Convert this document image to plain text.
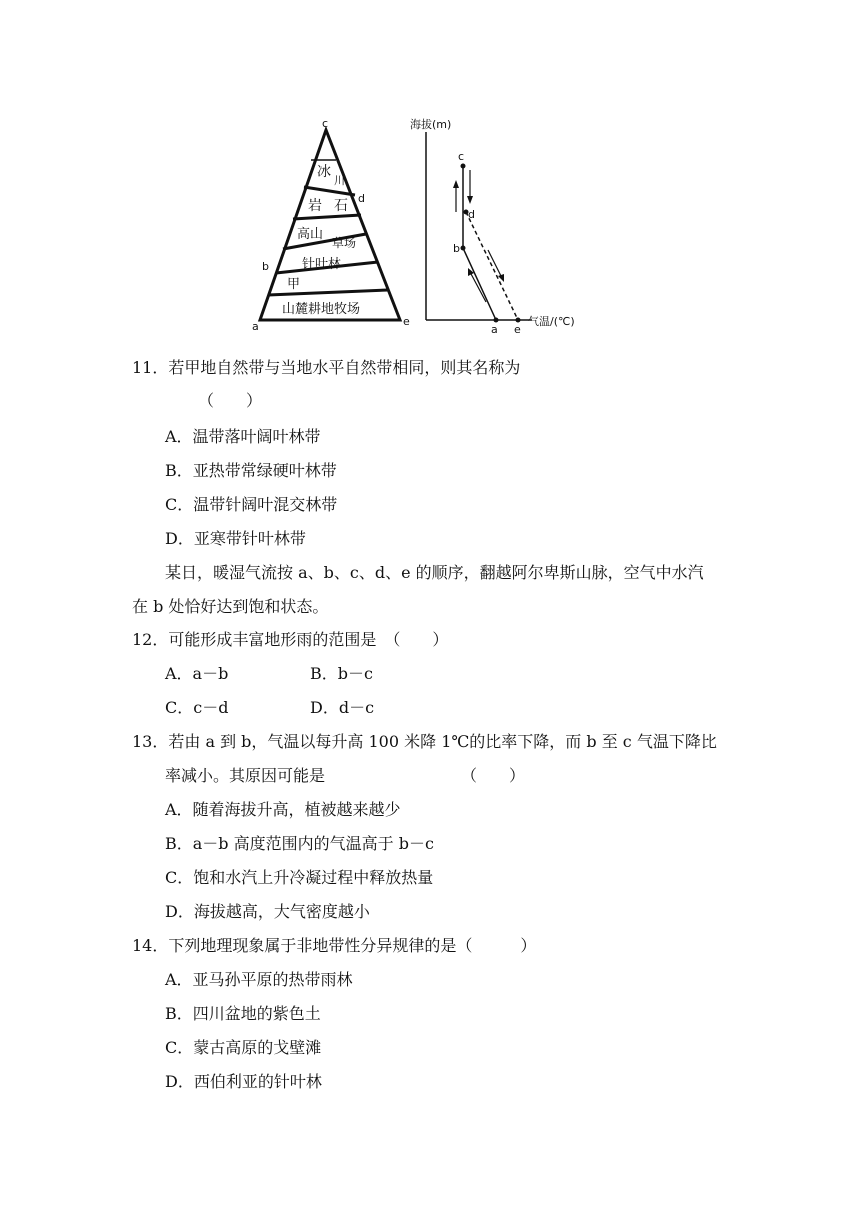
c
d
b
a	e
冰
川
岩 石
高山
草场
针叶林
甲
山麓耕地牧场
海拔(m)
气温/(℃)
c
d
b
a e
11．若甲地自然带与当地水平自然带相同，则其名称为
（　　）
A．温带落叶阔叶林带
B．亚热带常绿硬叶林带
C．温带针阔叶混交林带
D．亚寒带针叶林带
某日，暖湿气流按 a、b、c、d、e 的顺序，翻越阿尔卑斯山脉，空气中水汽
在 b 处恰好达到饱和状态。
12．可能形成丰富地形雨的范围是　（　　）
A．a－b	B．b－c
C．c－d	D．d－c
13．若由 a 到 b，气温以每升高 100 米降 1℃的比率下降，而 b 至 c 气温下降比
率减小。其原因可能是　　　　　　　　　（　　）
A．随着海拔升高，植被越来越少
B．a－b 高度范围内的气温高于 b－c
C．饱和水汽上升冷凝过程中释放热量
D．海拔越高，大气密度越小
14．下列地理现象属于非地带性分异规律的是（　　　）
A．亚马孙平原的热带雨林
B．四川盆地的紫色土
C．蒙古高原的戈壁滩
D．西伯利亚的针叶林
